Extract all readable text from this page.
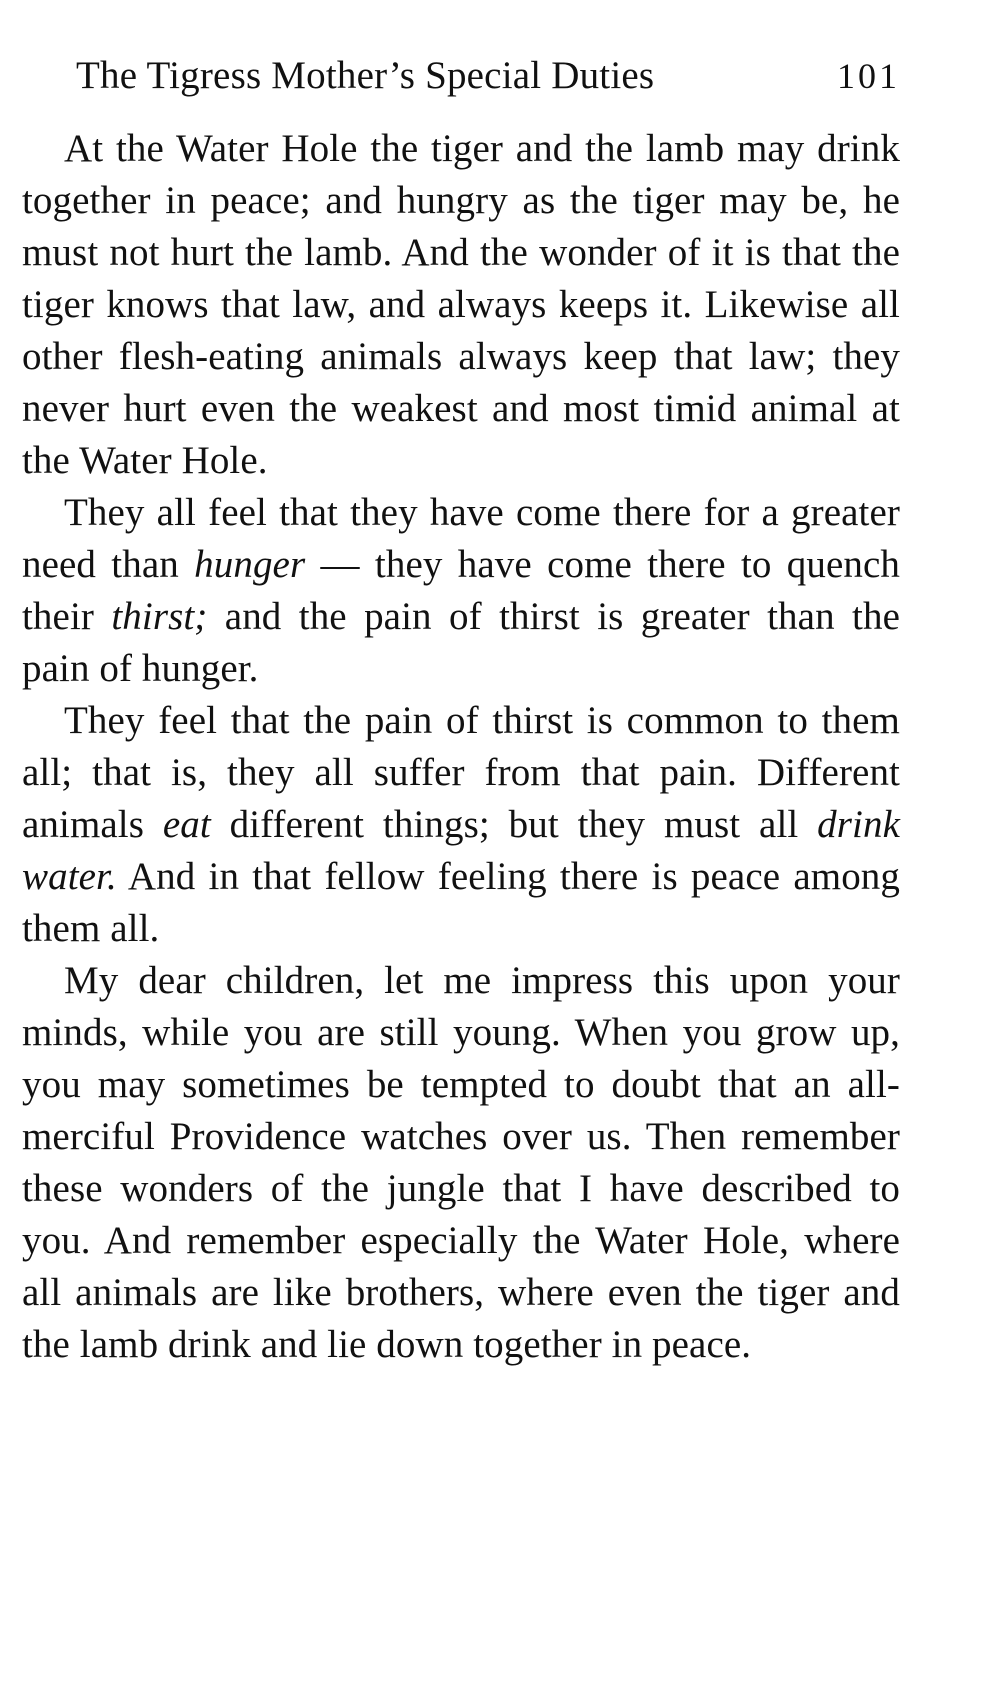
The Tigress Mother’s Special Duties	101

At the Water Hole the tiger and the lamb may drink together in peace; and hungry as the tiger may be, he must not hurt the lamb. And the wonder of it is that the tiger knows that law, and always keeps it. Likewise all other flesh-eating animals always keep that law; they never hurt even the weakest and most timid animal at the Water Hole.

They all feel that they have come there for a greater need than hunger — they have come there to quench their thirst; and the pain of thirst is greater than the pain of hunger.

They feel that the pain of thirst is common to them all; that is, they all suffer from that pain. Different animals eat different things; but they must all drink water. And in that fellow feeling there is peace among them all.

My dear children, let me impress this upon your minds, while you are still young. When you grow up, you may sometimes be tempted to doubt that an all-merciful Providence watches over us. Then remember these wonders of the jungle that I have described to you. And remember especially the Water Hole, where all animals are like brothers, where even the tiger and the lamb drink and lie down together in peace.
